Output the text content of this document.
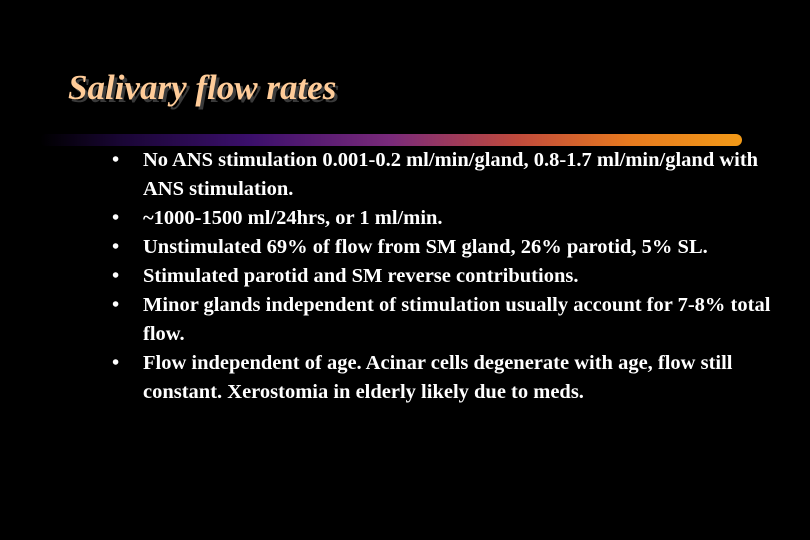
Salivary flow rates
• No ANS stimulation 0.001-0.2 ml/min/gland, 0.8-1.7 ml/min/gland with ANS stimulation.
• ~1000-1500 ml/24hrs, or 1 ml/min.
• Unstimulated 69% of flow from SM gland, 26% parotid, 5% SL.
• Stimulated parotid and SM reverse contributions.
• Minor glands independent of stimulation usually account for 7-8% total flow.
• Flow independent of age. Acinar cells degenerate with age, flow still constant. Xerostomia in elderly likely due to meds.
